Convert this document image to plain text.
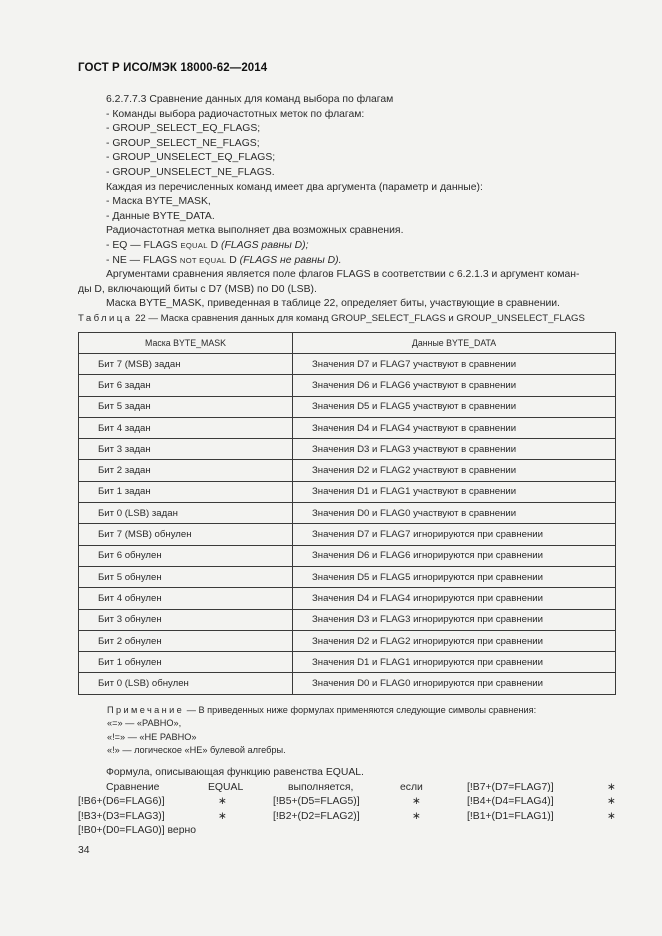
ГОСТ Р ИСО/МЭК 18000-62—2014
6.2.7.7.3 Сравнение данных для команд выбора по флагам
- Команды выбора радиочастотных меток по флагам:
- GROUP_SELECT_EQ_FLAGS;
- GROUP_SELECT_NE_FLAGS;
- GROUP_UNSELECT_EQ_FLAGS;
- GROUP_UNSELECT_NE_FLAGS.
Каждая из перечисленных команд имеет два аргумента (параметр и данные):
- Маска BYTE_MASK,
- Данные BYTE_DATA.
Радиочастотная метка выполняет два возможных сравнения.
- EQ — FLAGS EQUAL D (FLAGS равны D);
- NE — FLAGS NOT EQUAL D (FLAGS не равны D).
Аргументами сравнения является поле флагов FLAGS в соответствии с 6.2.1.3 и аргумент коман-
ды D, включающий биты с D7 (MSB) по D0 (LSB).
Маска BYTE_MASK, приведенная в таблице 22, определяет биты, участвующие в сравнении.
Таблица 22 — Маска сравнения данных для команд GROUP_SELECT_FLAGS и GROUP_UNSELECT_FLAGS
Маска BYTE_MASK	Данные BYTE_DATA
Бит 7 (MSB) задан	Значения D7 и FLAG7 участвуют в сравнении
Бит 6 задан	Значения D6 и FLAG6 участвуют в сравнении
Бит 5 задан	Значения D5 и FLAG5 участвуют в сравнении
Бит 4 задан	Значения D4 и FLAG4 участвуют в сравнении
Бит 3 задан	Значения D3 и FLAG3 участвуют в сравнении
Бит 2 задан	Значения D2 и FLAG2 участвуют в сравнении
Бит 1 задан	Значения D1 и FLAG1 участвуют в сравнении
Бит 0 (LSB) задан	Значения D0 и FLAG0 участвуют в сравнении
Бит 7 (MSB) обнулен	Значения D7 и FLAG7 игнорируются при сравнении
Бит 6 обнулен	Значения D6 и FLAG6 игнорируются при сравнении
Бит 5 обнулен	Значения D5 и FLAG5 игнорируются при сравнении
Бит 4 обнулен	Значения D4 и FLAG4 игнорируются при сравнении
Бит 3 обнулен	Значения D3 и FLAG3 игнорируются при сравнении
Бит 2 обнулен	Значения D2 и FLAG2 игнорируются при сравнении
Бит 1 обнулен	Значения D1 и FLAG1 игнорируются при сравнении
Бит 0 (LSB) обнулен	Значения D0 и FLAG0 игнорируются при сравнении
Примечание — В приведенных ниже формулах применяются следующие символы сравнения:
«=» — «РАВНО»,
«!=» — «НЕ РАВНО»
«!» — логическое «НЕ» булевой алгебры.
Формула, описывающая функцию равенства EQUAL.
Сравнение	EQUAL	выполняется,	если	[!B7+(D7=FLAG7)]	∗
[!B6+(D6=FLAG6)]	∗	[!B5+(D5=FLAG5)]	∗	[!B4+(D4=FLAG4)]	∗
[!B3+(D3=FLAG3)]	∗	[!B2+(D2=FLAG2)]	∗	[!B1+(D1=FLAG1)]	∗
[!B0+(D0=FLAG0)] верно
34
